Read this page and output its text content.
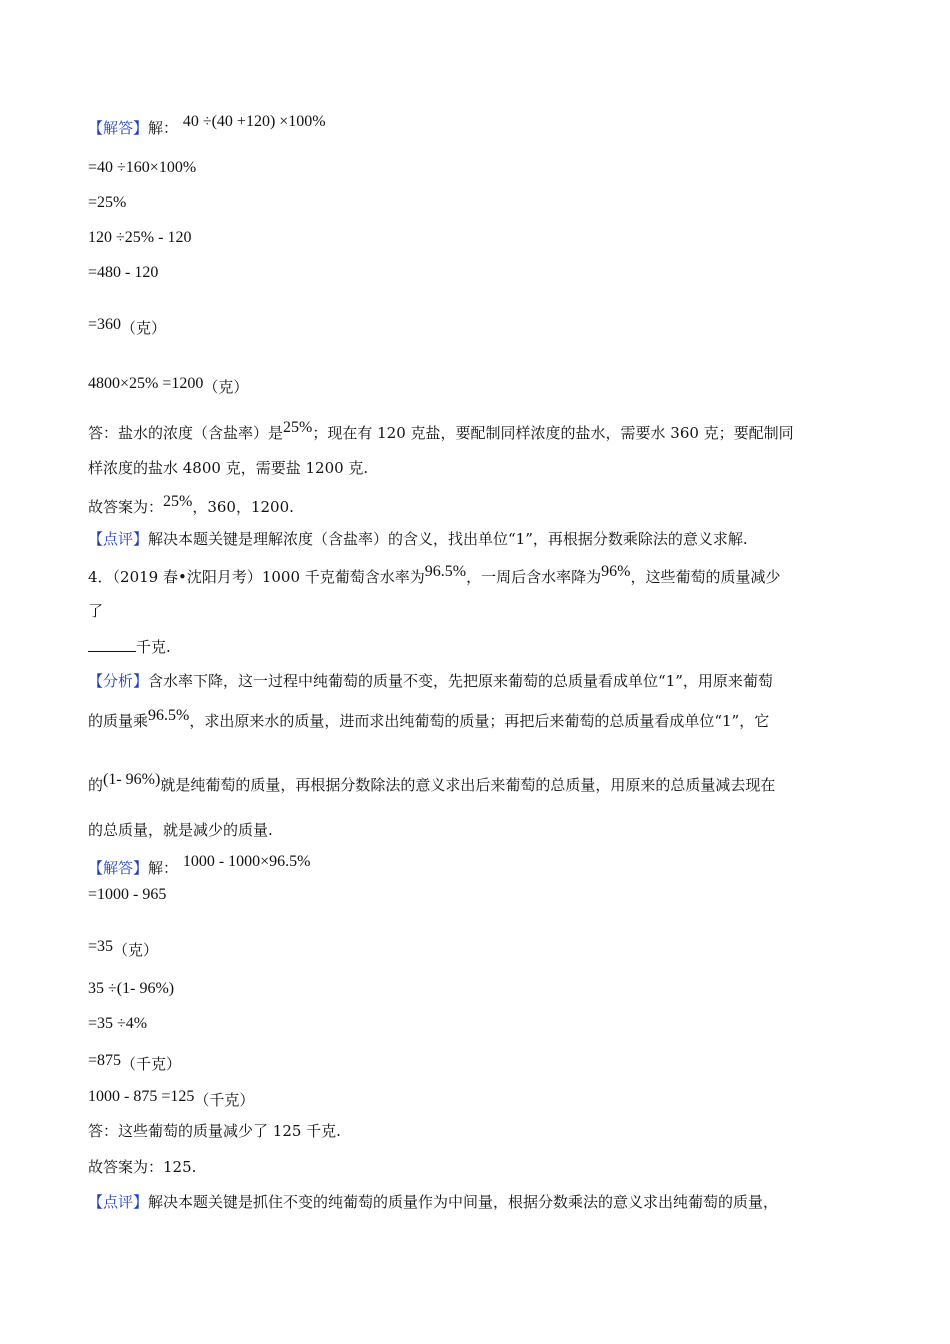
【解答】解： 40 ÷(40 +120) ×100%
=40 ÷160×100%
=25%
120 ÷25% - 120
=480 - 120
=360（克）
4800×25% =1200（克）
答：盐水的浓度（含盐率）是25%；现在有 120 克盐，要配制同样浓度的盐水，需要水 360 克；要配制同
样浓度的盐水 4800 克，需要盐 1200 克.
故答案为：25%，360，1200.
【点评】解决本题关键是理解浓度（含盐率）的含义，找出单位“1”，再根据分数乘除法的意义求解.
4．（2019 春•沈阳月考）1000 千克葡萄含水率为96.5%，一周后含水率降为96%，这些葡萄的质量减少
了
千克.
【分析】含水率下降，这一过程中纯葡萄的质量不变，先把原来葡萄的总质量看成单位“1”，用原来葡萄
的质量乘96.5%，求出原来水的质量，进而求出纯葡萄的质量；再把后来葡萄的总质量看成单位“1”，它
的(1- 96%)就是纯葡萄的质量，再根据分数除法的意义求出后来葡萄的总质量，用原来的总质量减去现在
的总质量，就是减少的质量.
【解答】解： 1000 - 1000×96.5%
=1000 - 965
=35（克）
35 ÷(1- 96%)
=35 ÷4%
=875（千克）
1000 - 875 =125（千克）
答：这些葡萄的质量减少了 125 千克.
故答案为：125.
【点评】解决本题关键是抓住不变的纯葡萄的质量作为中间量，根据分数乘法的意义求出纯葡萄的质量，
